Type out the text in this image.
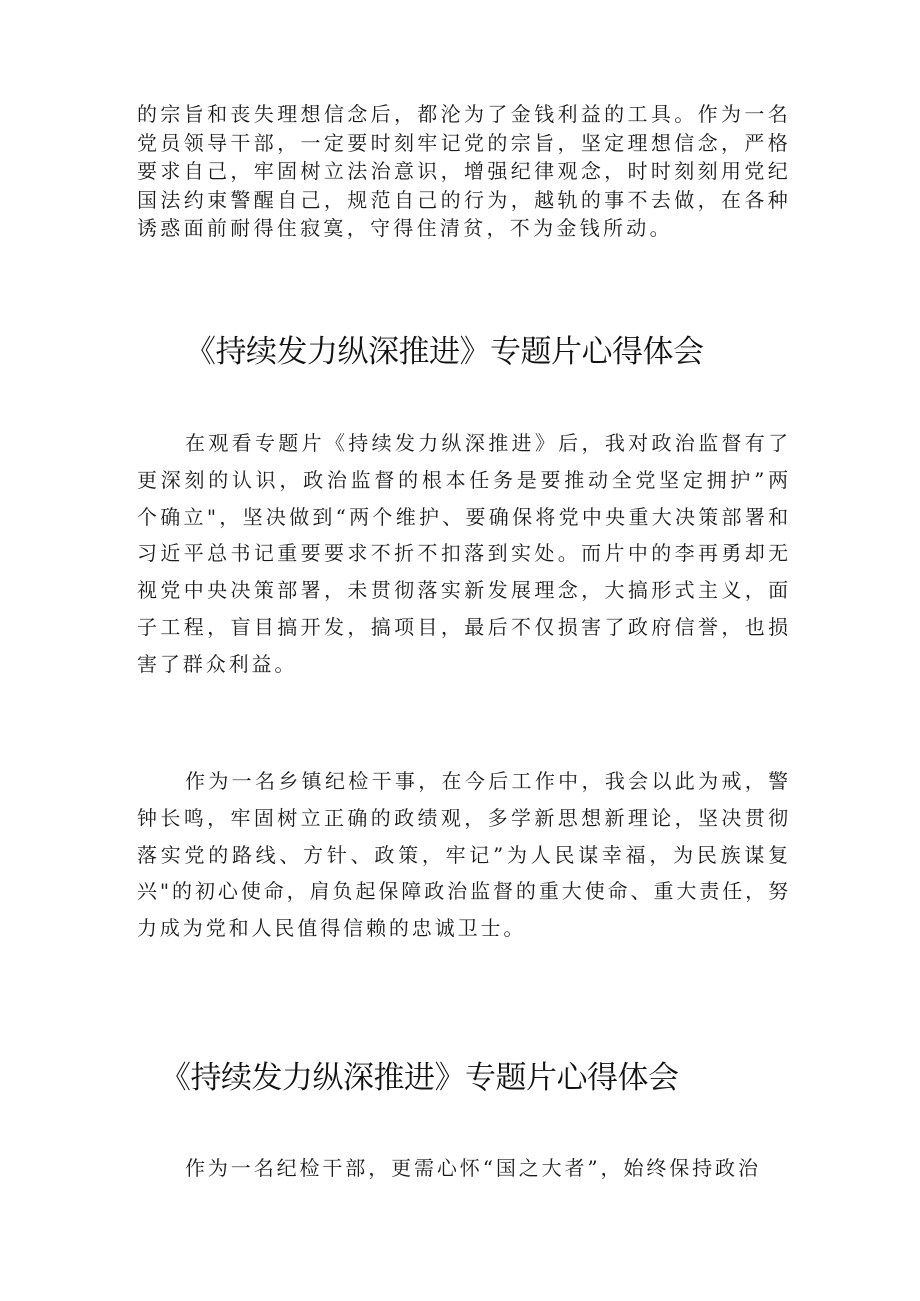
的宗旨和丧失理想信念后，都沦为了金钱利益的工具。作为一名党员领导干部，一定要时刻牢记党的宗旨，坚定理想信念，严格要求自己，牢固树立法治意识，增强纪律观念，时时刻刻用党纪国法约束警醒自己，规范自己的行为，越轨的事不去做，在各种诱惑面前耐得住寂寞，守得住清贫，不为金钱所动。

《持续发力纵深推进》专题片心得体会

在观看专题片《持续发力纵深推进》后，我对政治监督有了更深刻的认识，政治监督的根本任务是要推动全党坚定拥护”两个确立"，坚决做到“两个维护、要确保将党中央重大决策部署和习近平总书记重要要求不折不扣落到实处。而片中的李再勇却无视党中央决策部署，未贯彻落实新发展理念，大搞形式主义，面子工程，盲目搞开发，搞项目，最后不仅损害了政府信誉，也损害了群众利益。

作为一名乡镇纪检干事，在今后工作中，我会以此为戒，警钟长鸣，牢固树立正确的政绩观，多学新思想新理论，坚决贯彻落实党的路线、方针、政策，牢记”为人民谋幸福，为民族谋复兴"的初心使命，肩负起保障政治监督的重大使命、重大责任，努力成为党和人民值得信赖的忠诚卫士。

《持续发力纵深推进》专题片心得体会

作为一名纪检干部，更需心怀“国之大者”，始终保持政治
